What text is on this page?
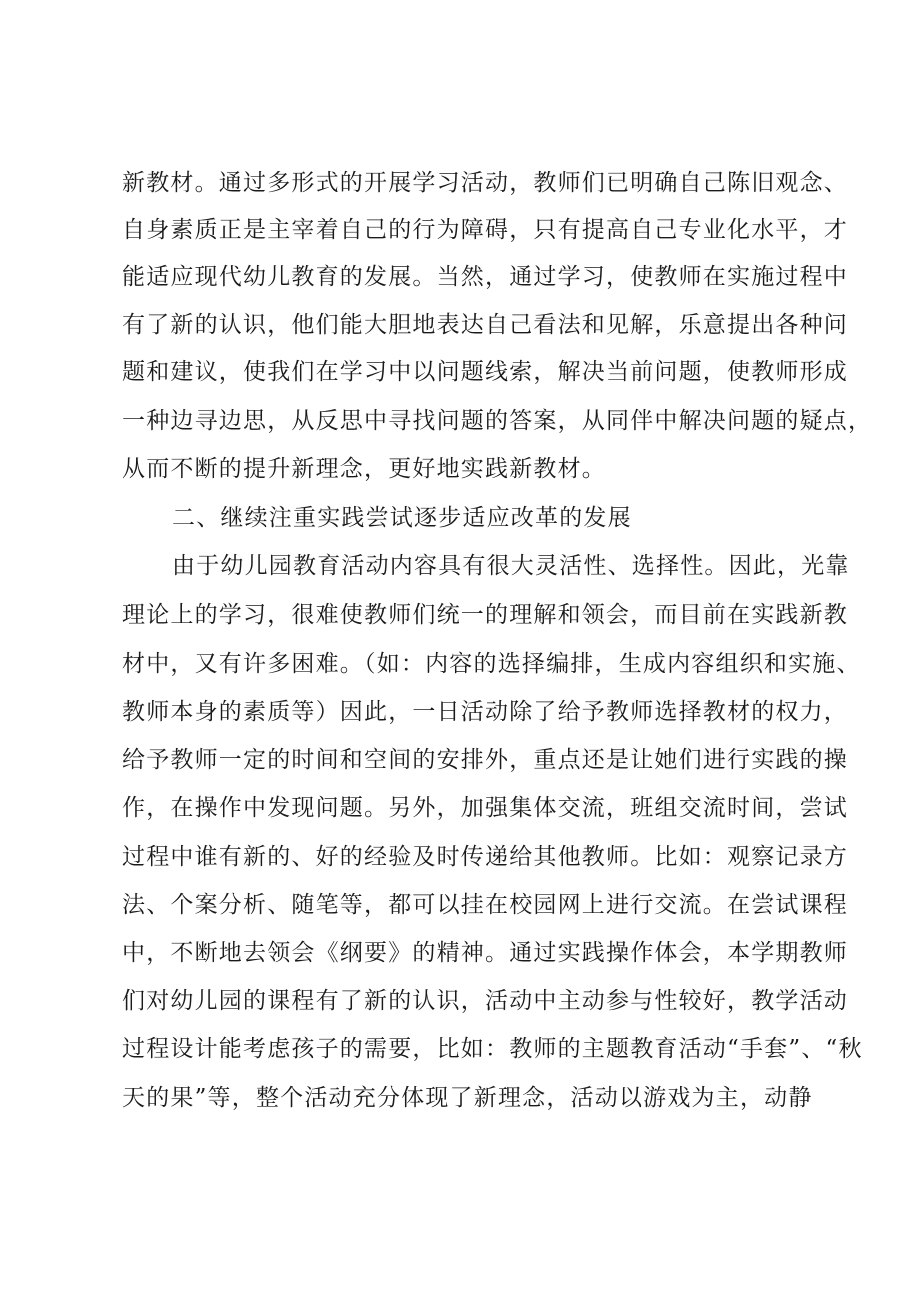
新教材。通过多形式的开展学习活动，教师们已明确自己陈旧观念、
自身素质正是主宰着自己的行为障碍，只有提高自己专业化水平，才
能适应现代幼儿教育的发展。当然，通过学习，使教师在实施过程中
有了新的认识，他们能大胆地表达自己看法和见解，乐意提出各种问
题和建议，使我们在学习中以问题线索，解决当前问题，使教师形成
一种边寻边思，从反思中寻找问题的答案，从同伴中解决问题的疑点，
从而不断的提升新理念，更好地实践新教材。
二、继续注重实践尝试逐步适应改革的发展
由于幼儿园教育活动内容具有很大灵活性、选择性。因此，光靠
理论上的学习，很难使教师们统一的理解和领会，而目前在实践新教
材中，又有许多困难。（如：内容的选择编排，生成内容组织和实施、
教师本身的素质等）因此，一日活动除了给予教师选择教材的权力，
给予教师一定的时间和空间的安排外，重点还是让她们进行实践的操
作，在操作中发现问题。另外，加强集体交流，班组交流时间，尝试
过程中谁有新的、好的经验及时传递给其他教师。比如：观察记录方
法、个案分析、随笔等，都可以挂在校园网上进行交流。在尝试课程
中，不断地去领会《纲要》的精神。通过实践操作体会，本学期教师
们对幼儿园的课程有了新的认识，活动中主动参与性较好，教学活动
过程设计能考虑孩子的需要，比如：教师的主题教育活动“手套”、“秋
天的果”等，整个活动充分体现了新理念，活动以游戏为主，动静
